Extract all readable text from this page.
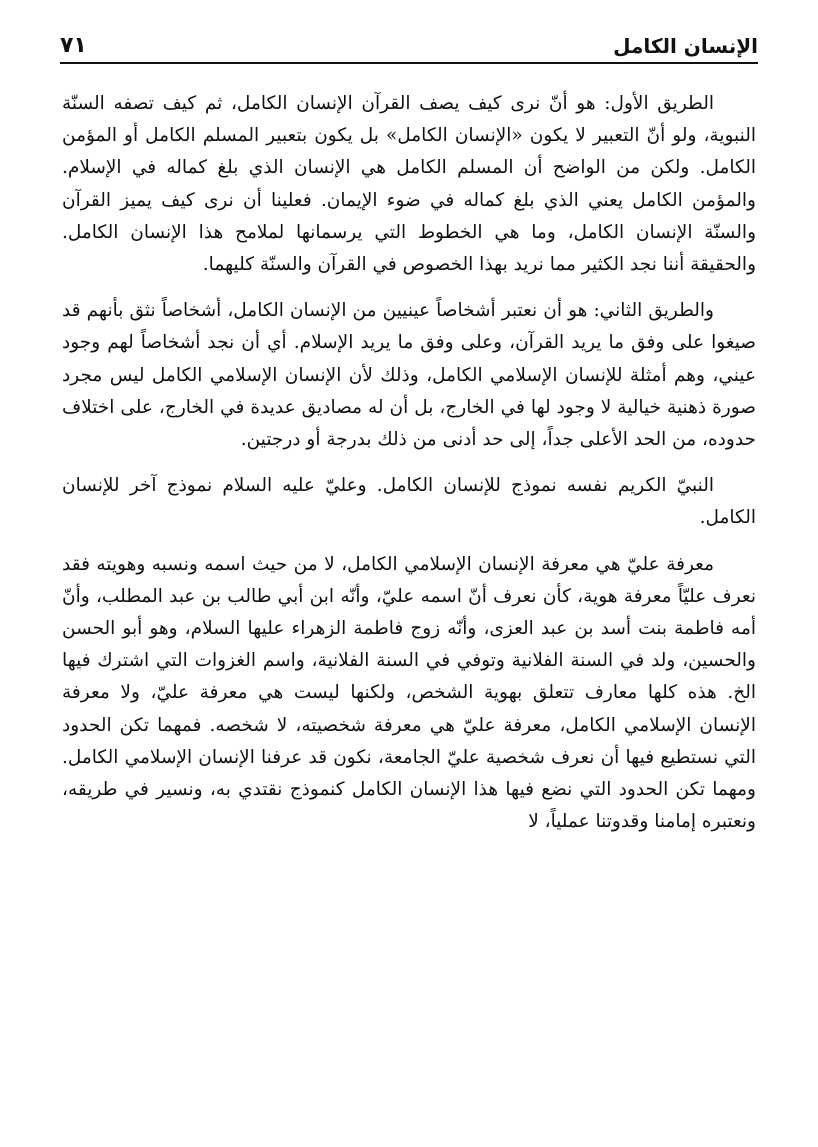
الإنسان الكامل
٧١

الطريق الأول: هو أنّ نرى كيف يصف القرآن الإنسان الكامل، ثم كيف تصفه السنّة النبوية، ولو أنّ التعبير لا يكون «الإنسان الكامل» بل يكون بتعبير المسلم الكامل أو المؤمن الكامل. ولكن من الواضح أن المسلم الكامل هي الإنسان الذي بلغ كماله في الإسلام. والمؤمن الكامل يعني الذي بلغ كماله في ضوء الإيمان. فعلينا أن نرى كيف يميز القرآن والسنّة الإنسان الكامل، وما هي الخطوط التي يرسمانها لملامح هذا الإنسان الكامل. والحقيقة أننا نجد الكثير مما نريد بهذا الخصوص في القرآن والسنّة كليهما.

والطريق الثاني: هو أن نعتبر أشخاصاً عينيين من الإنسان الكامل، أشخاصاً نثق بأنهم قد صيغوا على وفق ما يريد القرآن، وعلى وفق ما يريد الإسلام. أي أن نجد أشخاصاً لهم وجود عيني، وهم أمثلة للإنسان الإسلامي الكامل، وذلك لأن الإنسان الإسلامي الكامل ليس مجرد صورة ذهنية خيالية لا وجود لها في الخارج، بل أن له مصاديق عديدة في الخارج، على اختلاف حدوده، من الحد الأعلى جداً، إلى حد أدنى من ذلك بدرجة أو درجتين.

النبيّ الكريم نفسه نموذج للإنسان الكامل. وعليّ عليه السلام نموذج آخر للإنسان الكامل.

معرفة عليّ هي معرفة الإنسان الإسلامي الكامل، لا من حيث اسمه ونسبه وهويته فقد نعرف عليّاً معرفة هوية، كأن نعرف أنّ اسمه عليّ، وأنّه ابن أبي طالب بن عبد المطلب، وأنّ أمه فاطمة بنت أسد بن عبد العزى، وأنّه زوج فاطمة الزهراء عليها السلام، وهو أبو الحسن والحسين، ولد في السنة الفلانية وتوفي في السنة الفلانية، واسم الغزوات التي اشترك فيها الخ. هذه كلها معارف تتعلق بهوية الشخص، ولكنها ليست هي معرفة عليّ، ولا معرفة الإنسان الإسلامي الكامل، معرفة عليّ هي معرفة شخصيته، لا شخصه. فمهما تكن الحدود التي نستطيع فيها أن نعرف شخصية عليّ الجامعة، نكون قد عرفنا الإنسان الإسلامي الكامل. ومهما تكن الحدود التي نضع فيها هذا الإنسان الكامل كنموذج نقتدي به، ونسير في طريقه، ونعتبره إمامنا وقدوتنا عملياً، لا
